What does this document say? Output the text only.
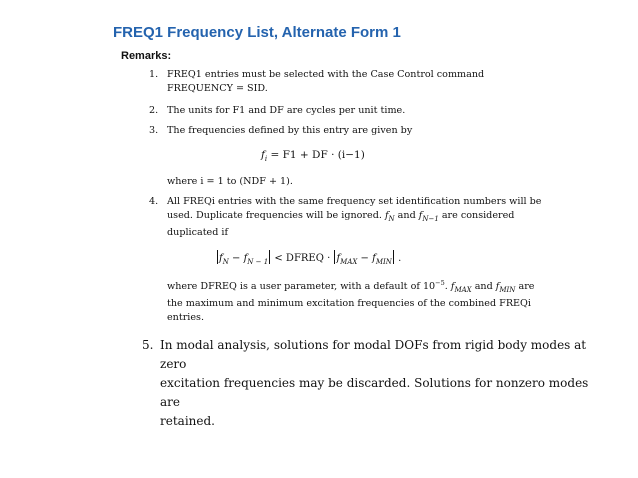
FREQ1 Frequency List, Alternate Form 1
Remarks:
1. FREQ1 entries must be selected with the Case Control command
FREQUENCY = SID.
2. The units for F1 and DF are cycles per unit time.
3. The frequencies defined by this entry are given by
$f_i = F1$ + DF · (i−1)
where i = 1 to (NDF + 1).
4. All FREQi entries with the same frequency set identification numbers will be
used. Duplicate frequencies will be ignored. $f_N$ and $f_{N-1}$ are considered
duplicated if
$f_N - f_{N - 1}$ < DFREQ · $f_{MAX} - f_{MIN}$ .
where DFREQ is a user parameter, with a default of $10^{-5}$. $f_{MAX}$ and $f_{MIN}$ are
the maximum and minimum excitation frequencies of the combined FREQi
entries.
5. In modal analysis, solutions for modal DOFs from rigid body modes at zero
excitation frequencies may be discarded. Solutions for nonzero modes are
retained.
